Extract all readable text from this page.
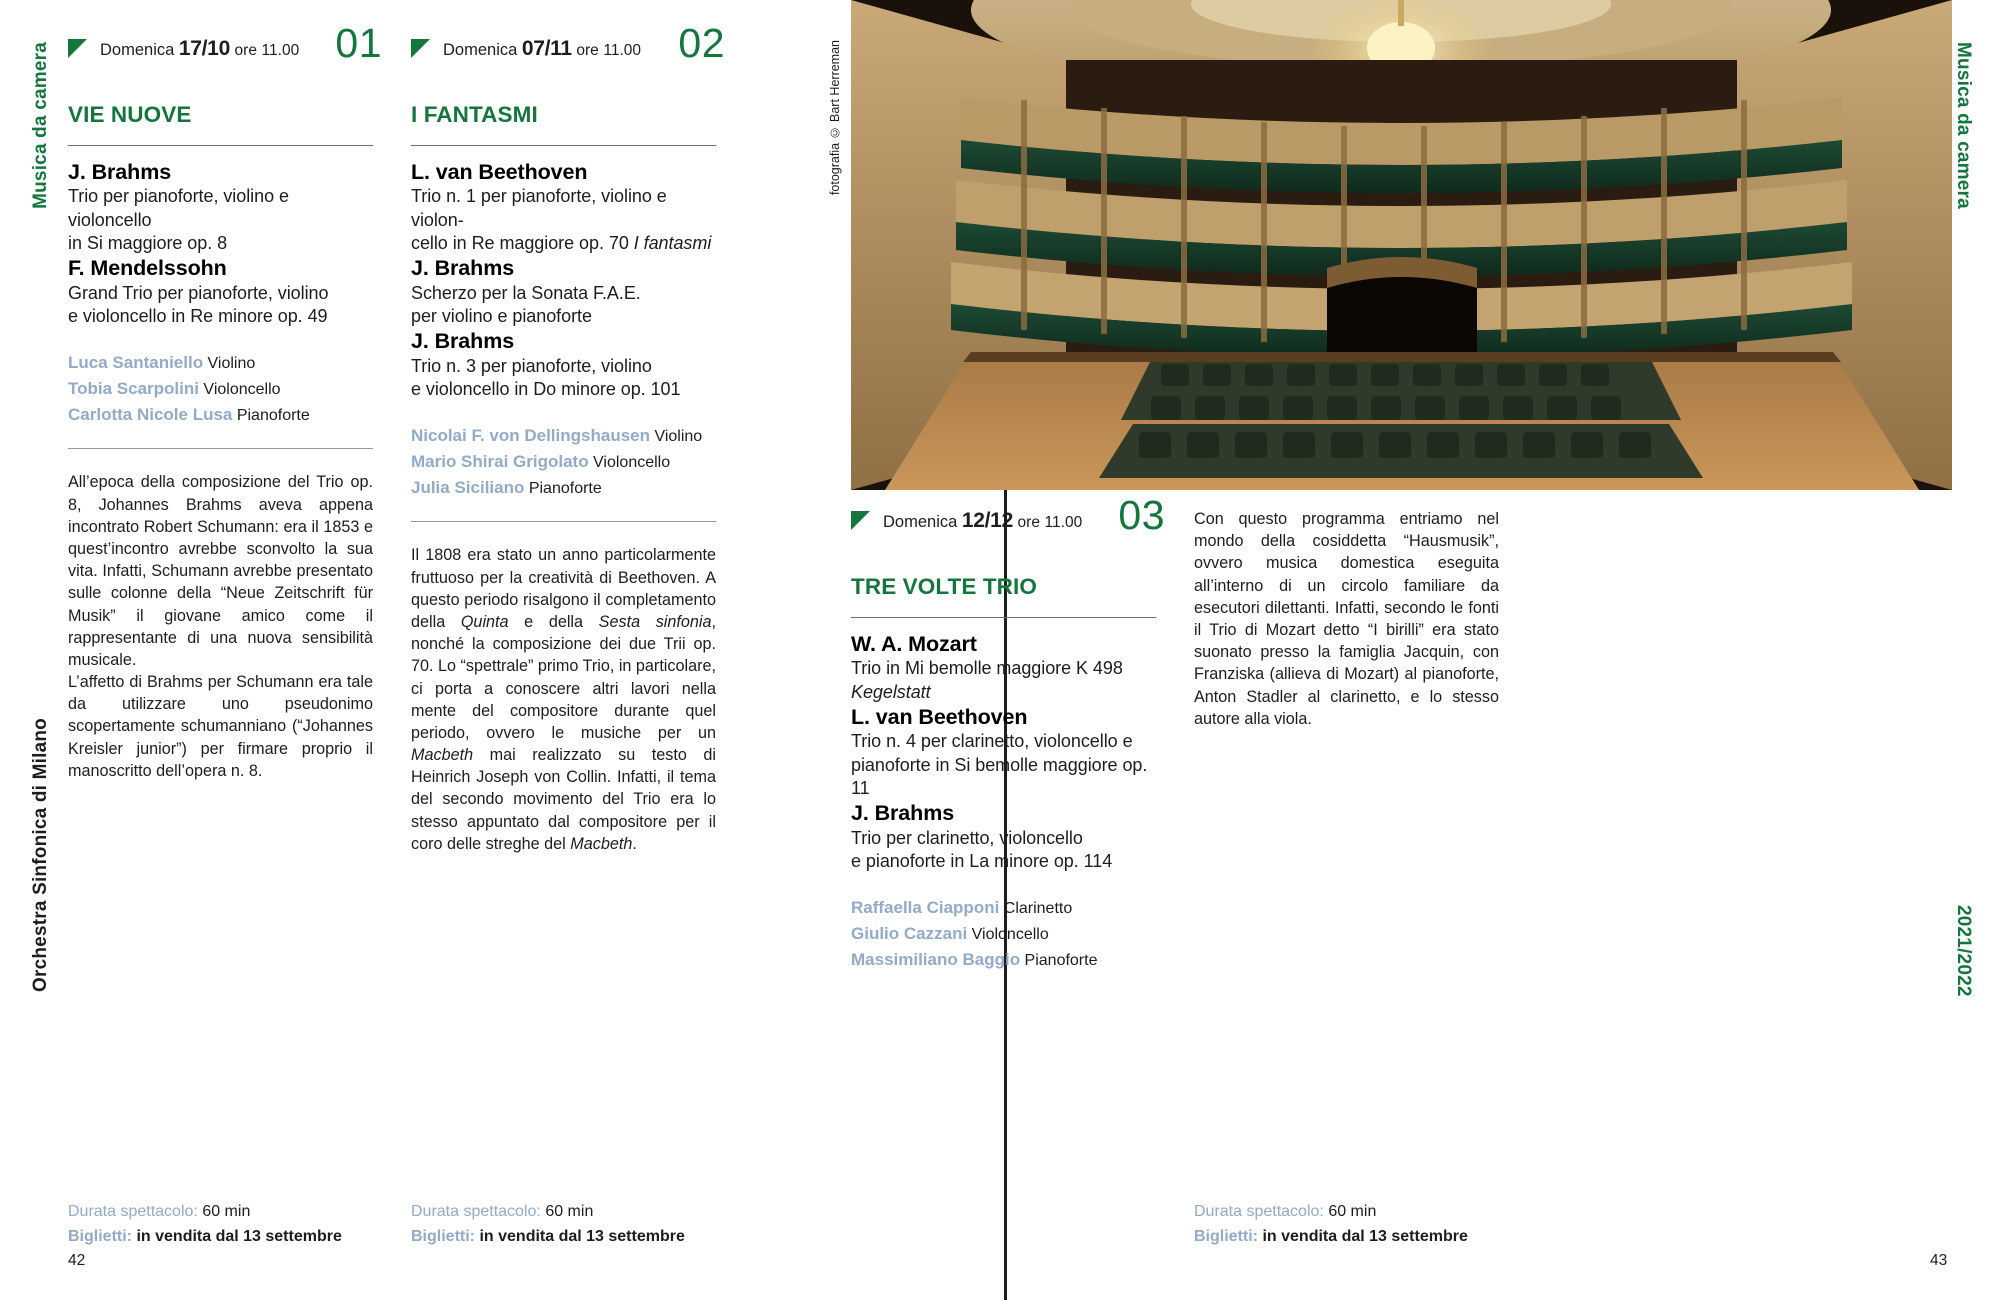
Musica da camera
Orchestra Sinfonica di Milano
Musica da camera
2021/2022
fotografia © Bart Herreman
Domenica 17/10 ore 11.00 01
VIE NUOVE
J. Brahms
Trio per pianoforte, violino e violoncello
in Si maggiore op. 8
F. Mendelssohn
Grand Trio per pianoforte, violino
e violoncello in Re minore op. 49
Luca Santaniello Violino
Tobia Scarpolini Violoncello
Carlotta Nicole Lusa Pianoforte

All’epoca della composizione del Trio op. 8, Johannes Brahms aveva appena incontrato Robert Schumann: era il 1853 e quest’incontro avrebbe sconvolto la sua vita. Infatti, Schumann avrebbe presentato sulle colonne della “Neue Zeitschrift für Musik” il giovane amico come il rappresentante di una nuova sensibilità musicale.

L’affetto di Brahms per Schumann era tale da utilizzare uno pseudonimo scopertamente schumanniano (“Johannes Kreisler junior”) per firmare proprio il manoscritto dell’opera n. 8.

Durata spettacolo: 60 min
Biglietti: in vendita dal 13 settembre
Domenica 07/11 ore 11.00 02
I FANTASMI
L. van Beethoven
Trio n. 1 per pianoforte, violino e violon-
cello in Re maggiore op. 70 I fantasmi
J. Brahms
Scherzo per la Sonata F.A.E.
per violino e pianoforte
J. Brahms
Trio n. 3 per pianoforte, violino
e violoncello in Do minore op. 101
Nicolai F. von Dellingshausen Violino
Mario Shirai Grigolato Violoncello
Julia Siciliano Pianoforte

Il 1808 era stato un anno particolarmente fruttuoso per la creatività di Beethoven. A questo periodo risalgono il completamento della Quinta e della Sesta sinfonia, nonché la composizione dei due Trii op. 70. Lo “spettrale” primo Trio, in particolare, ci porta a conoscere altri lavori nella mente del compositore durante quel periodo, ovvero le musiche per un Macbeth mai realizzato su testo di Heinrich Joseph von Collin. Infatti, il tema del secondo movimento del Trio era lo stesso appuntato dal compositore per il coro delle streghe del Macbeth.

Durata spettacolo: 60 min
Biglietti: in vendita dal 13 settembre
Domenica 12/12 ore 11.00 03
TRE VOLTE TRIO
W. A. Mozart
Trio in Mi bemolle maggiore K 498
Kegelstatt
L. van Beethoven
Trio n. 4 per clarinetto, violoncello e
pianoforte in Si bemolle maggiore op. 11
J. Brahms
Trio per clarinetto, violoncello
e pianoforte in La minore op. 114
Raffaella Ciapponi Clarinetto
Giulio Cazzani Violoncello
Massimiliano Baggio Pianoforte

Con questo programma entriamo nel mondo della cosiddetta “Hausmusik”, ovvero musica domestica eseguita all’interno di un circolo familiare da esecutori dilettanti. Infatti, secondo le fonti il Trio di Mozart detto “I birilli” era stato suonato presso la famiglia Jacquin, con Franziska (allieva di Mozart) al pianoforte, Anton Stadler al clarinetto, e lo stesso autore alla viola.

Durata spettacolo: 60 min
Biglietti: in vendita dal 13 settembre
42	43
